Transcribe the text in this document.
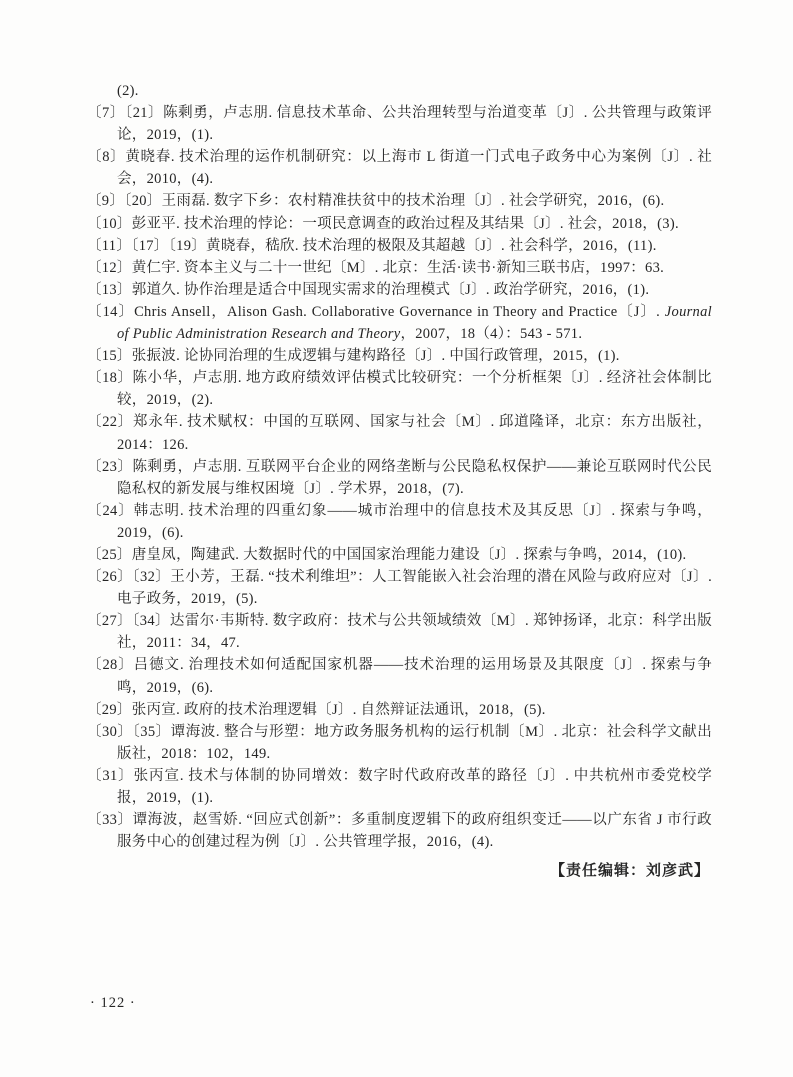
(2).
〔7〕〔21〕陈剩勇，卢志朋. 信息技术革命、公共治理转型与治道变革〔J〕. 公共管理与政策评论，2019，(1).
〔8〕黄晓春. 技术治理的运作机制研究：以上海市 L 街道一门式电子政务中心为案例〔J〕. 社会，2010，(4).
〔9〕〔20〕王雨磊. 数字下乡：农村精准扶贫中的技术治理〔J〕. 社会学研究，2016，(6).
〔10〕彭亚平. 技术治理的悖论：一项民意调查的政治过程及其结果〔J〕. 社会，2018，(3).
〔11〕〔17〕〔19〕黄晓春，嵇欣. 技术治理的极限及其超越〔J〕. 社会科学，2016，(11).
〔12〕黄仁宇. 资本主义与二十一世纪〔M〕. 北京：生活·读书·新知三联书店，1997：63.
〔13〕郭道久. 协作治理是适合中国现实需求的治理模式〔J〕. 政治学研究，2016，(1).
〔14〕Chris Ansell，Alison Gash. Collaborative Governance in Theory and Practice〔J〕. Journal of Public Administration Research and Theory，2007，18（4）：543 - 571.
〔15〕张振波. 论协同治理的生成逻辑与建构路径〔J〕. 中国行政管理，2015，(1).
〔18〕陈小华，卢志朋. 地方政府绩效评估模式比较研究：一个分析框架〔J〕. 经济社会体制比较，2019，(2).
〔22〕郑永年. 技术赋权：中国的互联网、国家与社会〔M〕. 邱道隆译，北京：东方出版社，2014：126.
〔23〕陈剩勇，卢志朋. 互联网平台企业的网络垄断与公民隐私权保护——兼论互联网时代公民隐私权的新发展与维权困境〔J〕. 学术界，2018，(7).
〔24〕韩志明. 技术治理的四重幻象——城市治理中的信息技术及其反思〔J〕. 探索与争鸣，2019，(6).
〔25〕唐皇凤，陶建武. 大数据时代的中国国家治理能力建设〔J〕. 探索与争鸣，2014，(10).
〔26〕〔32〕王小芳，王磊. “技术利维坦”：人工智能嵌入社会治理的潜在风险与政府应对〔J〕. 电子政务，2019，(5).
〔27〕〔34〕达雷尔·韦斯特. 数字政府：技术与公共领域绩效〔M〕. 郑钟扬译，北京：科学出版社，2011：34，47.
〔28〕吕德文. 治理技术如何适配国家机器——技术治理的运用场景及其限度〔J〕. 探索与争鸣，2019，(6).
〔29〕张丙宣. 政府的技术治理逻辑〔J〕. 自然辩证法通讯，2018，(5).
〔30〕〔35〕谭海波. 整合与形塑：地方政务服务机构的运行机制〔M〕. 北京：社会科学文献出版社，2018：102，149.
〔31〕张丙宣. 技术与体制的协同增效：数字时代政府改革的路径〔J〕. 中共杭州市委党校学报，2019，(1).
〔33〕谭海波，赵雪娇. “回应式创新”：多重制度逻辑下的政府组织变迁——以广东省 J 市行政服务中心的创建过程为例〔J〕. 公共管理学报，2016，(4).
【责任编辑：刘彦武】
· 122 ·
